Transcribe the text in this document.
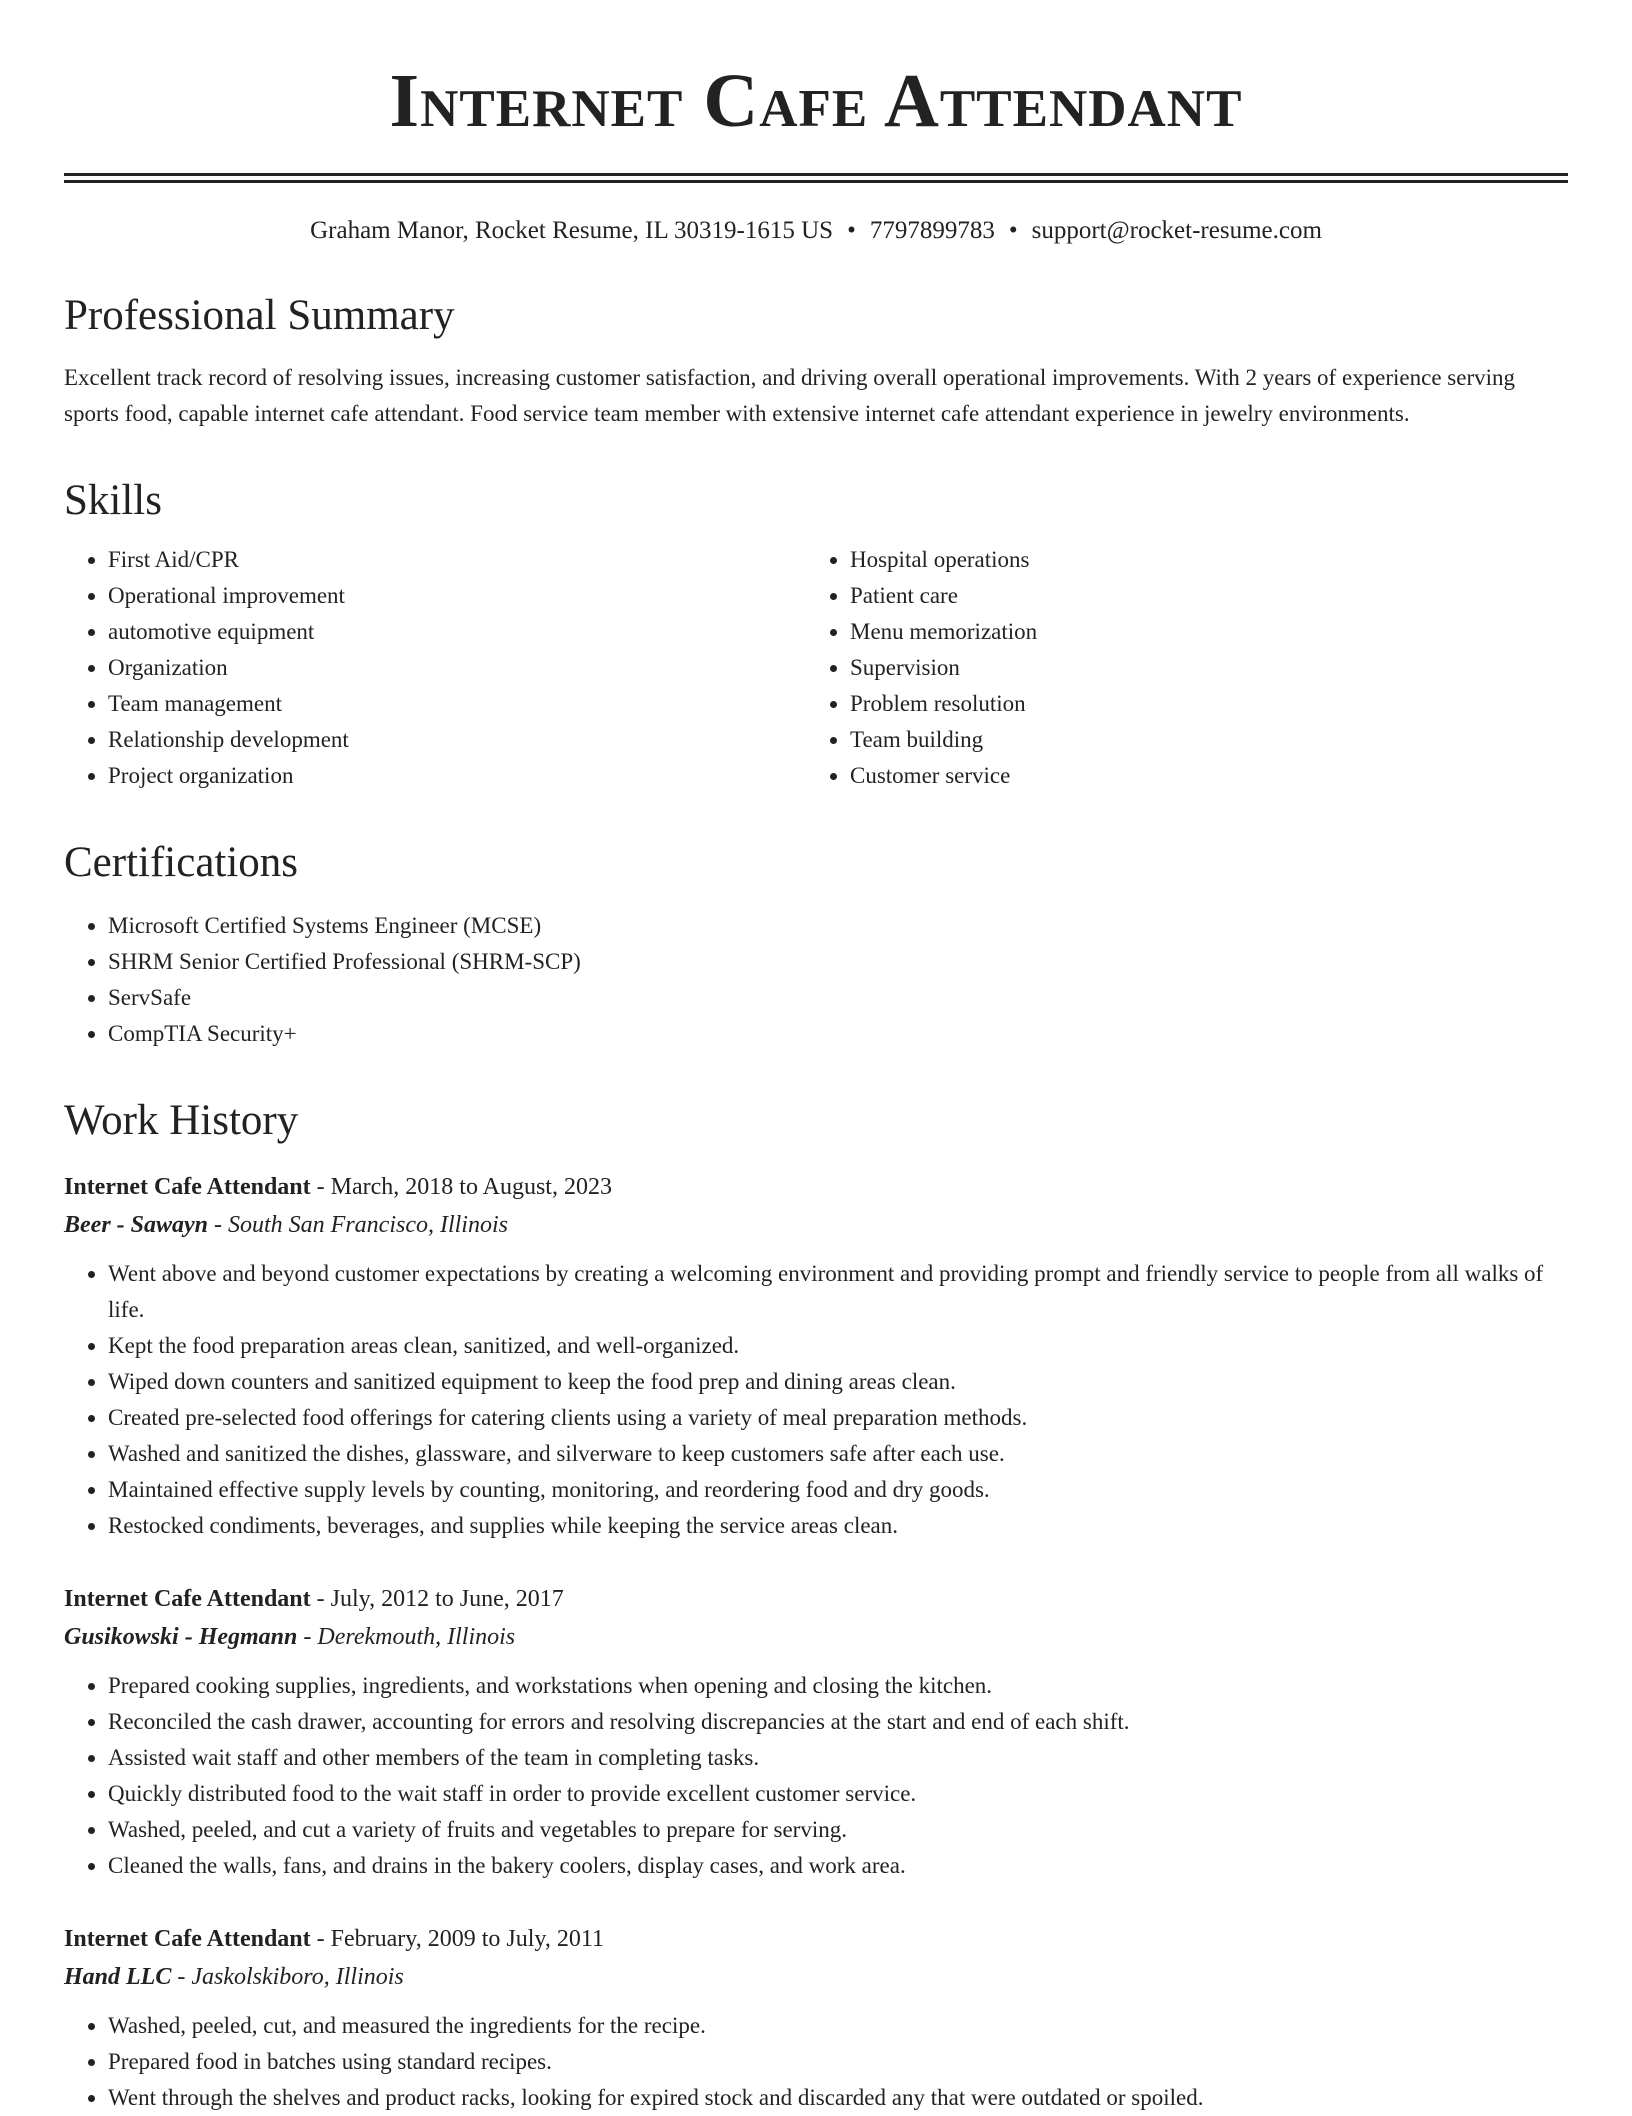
Internet Cafe Attendant
Graham Manor, Rocket Resume, IL 30319-1615 US • 7797899783 • support@rocket-resume.com
Professional Summary

Excellent track record of resolving issues, increasing customer satisfaction, and driving overall operational improvements. With 2 years of experience serving sports food, capable internet cafe attendant. Food service team member with extensive internet cafe attendant experience in jewelry environments.

Skills
• First Aid/CPR
• Operational improvement
• automotive equipment
• Organization
• Team management
• Relationship development
• Project organization
• Hospital operations
• Patient care
• Menu memorization
• Supervision
• Problem resolution
• Team building
• Customer service
Certifications
• Microsoft Certified Systems Engineer (MCSE)
• SHRM Senior Certified Professional (SHRM-SCP)
• ServSafe
• CompTIA Security+
Work History
Internet Cafe Attendant - March, 2018 to August, 2023
Beer - Sawayn - South San Francisco, Illinois
• Went above and beyond customer expectations by creating a welcoming environment and providing prompt and friendly service to people from all walks of life.
• Kept the food preparation areas clean, sanitized, and well-organized.
• Wiped down counters and sanitized equipment to keep the food prep and dining areas clean.
• Created pre-selected food offerings for catering clients using a variety of meal preparation methods.
• Washed and sanitized the dishes, glassware, and silverware to keep customers safe after each use.
• Maintained effective supply levels by counting, monitoring, and reordering food and dry goods.
• Restocked condiments, beverages, and supplies while keeping the service areas clean.
Internet Cafe Attendant - July, 2012 to June, 2017
Gusikowski - Hegmann - Derekmouth, Illinois
• Prepared cooking supplies, ingredients, and workstations when opening and closing the kitchen.
• Reconciled the cash drawer, accounting for errors and resolving discrepancies at the start and end of each shift.
• Assisted wait staff and other members of the team in completing tasks.
• Quickly distributed food to the wait staff in order to provide excellent customer service.
• Washed, peeled, and cut a variety of fruits and vegetables to prepare for serving.
• Cleaned the walls, fans, and drains in the bakery coolers, display cases, and work area.
Internet Cafe Attendant - February, 2009 to July, 2011
Hand LLC - Jaskolskiboro, Illinois
• Washed, peeled, cut, and measured the ingredients for the recipe.
• Prepared food in batches using standard recipes.
• Went through the shelves and product racks, looking for expired stock and discarded any that were outdated or spoiled.
